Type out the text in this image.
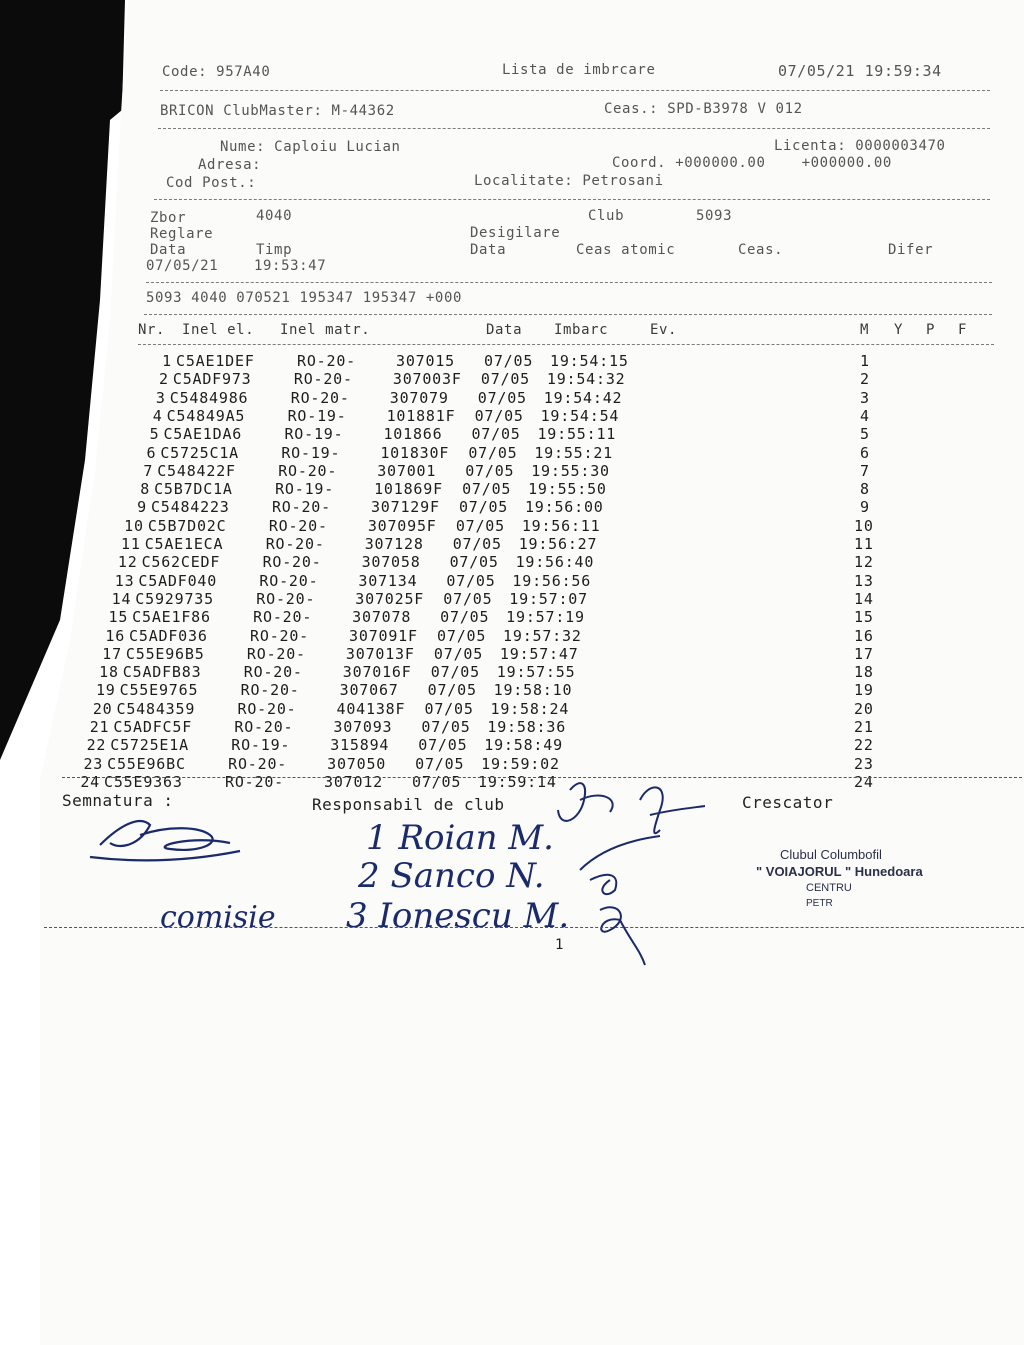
Code: 957A40	Lista de imbrcare	07/05/21 19:59:34
BRICON ClubMaster: M-44362	Ceas.: SPD-B3978 V 012
Nume: Caploiu Lucian	Licenta: 0000003470
Adresa:	Coord. +000000.00    +000000.00
Cod Post.:	Localitate: Petrosani
Zbor	4040	Club	5093
Reglare	Desigilare
Data	Timp	Data	Ceas atomic	Ceas.	Difer
07/05/21	19:53:47
5093 4040 070521 195347 195347 +000
Nr. Inel el. Inel matr.	Data Imbarc	Ev.	M Y P F
1 C5AE1DEF	RO-20-	307015 07/05 19:54:15	1
2 C5ADF973	RO-20-	307003F 07/05 19:54:32	2
3 C5484986	RO-20-	307079 07/05 19:54:42	3
4 C54849A5	RO-19-	101881F 07/05 19:54:54	4
5 C5AE1DA6	RO-19-	101866 07/05 19:55:11	5
6 C5725C1A	RO-19-	101830F 07/05 19:55:21	6
7 C548422F	RO-20-	307001 07/05 19:55:30	7
8 C5B7DC1A	RO-19-	101869F 07/05 19:55:50	8
9 C5484223	RO-20-	307129F 07/05 19:56:00	9
10 C5B7D02C	RO-20-	307095F 07/05 19:56:11	10
11 C5AE1ECA	RO-20-	307128 07/05 19:56:27	11
12 C562CEDF	RO-20-	307058 07/05 19:56:40	12
13 C5ADF040	RO-20-	307134 07/05 19:56:56	13
14 C5929735	RO-20-	307025F 07/05 19:57:07	14
15 C5AE1F86	RO-20-	307078 07/05 19:57:19	15
16 C5ADF036	RO-20-	307091F 07/05 19:57:32	16
17 C55E96B5	RO-20-	307013F 07/05 19:57:47	17
18 C5ADFB83	RO-20-	307016F 07/05 19:57:55	18
19 C55E9765	RO-20-	307067 07/05 19:58:10	19
20 C5484359	RO-20-	404138F 07/05 19:58:24	20
21 C5ADFC5F	RO-20-	307093 07/05 19:58:36	21
22 C5725E1A	RO-19-	315894 07/05 19:58:49	22
23 C55E96BC	RO-20-	307050 07/05 19:59:02	23
24 C55E9363	RO-20-	307012 07/05 19:59:14	24
Semnatura :	Responsabil de club	Crescator
1 Roian M.
2 Sanco N.
3 Ionescu M.
comisie
Clubul Columbofil
" VOIAJORUL " Hunedoara
CENTRU
PETR
1
